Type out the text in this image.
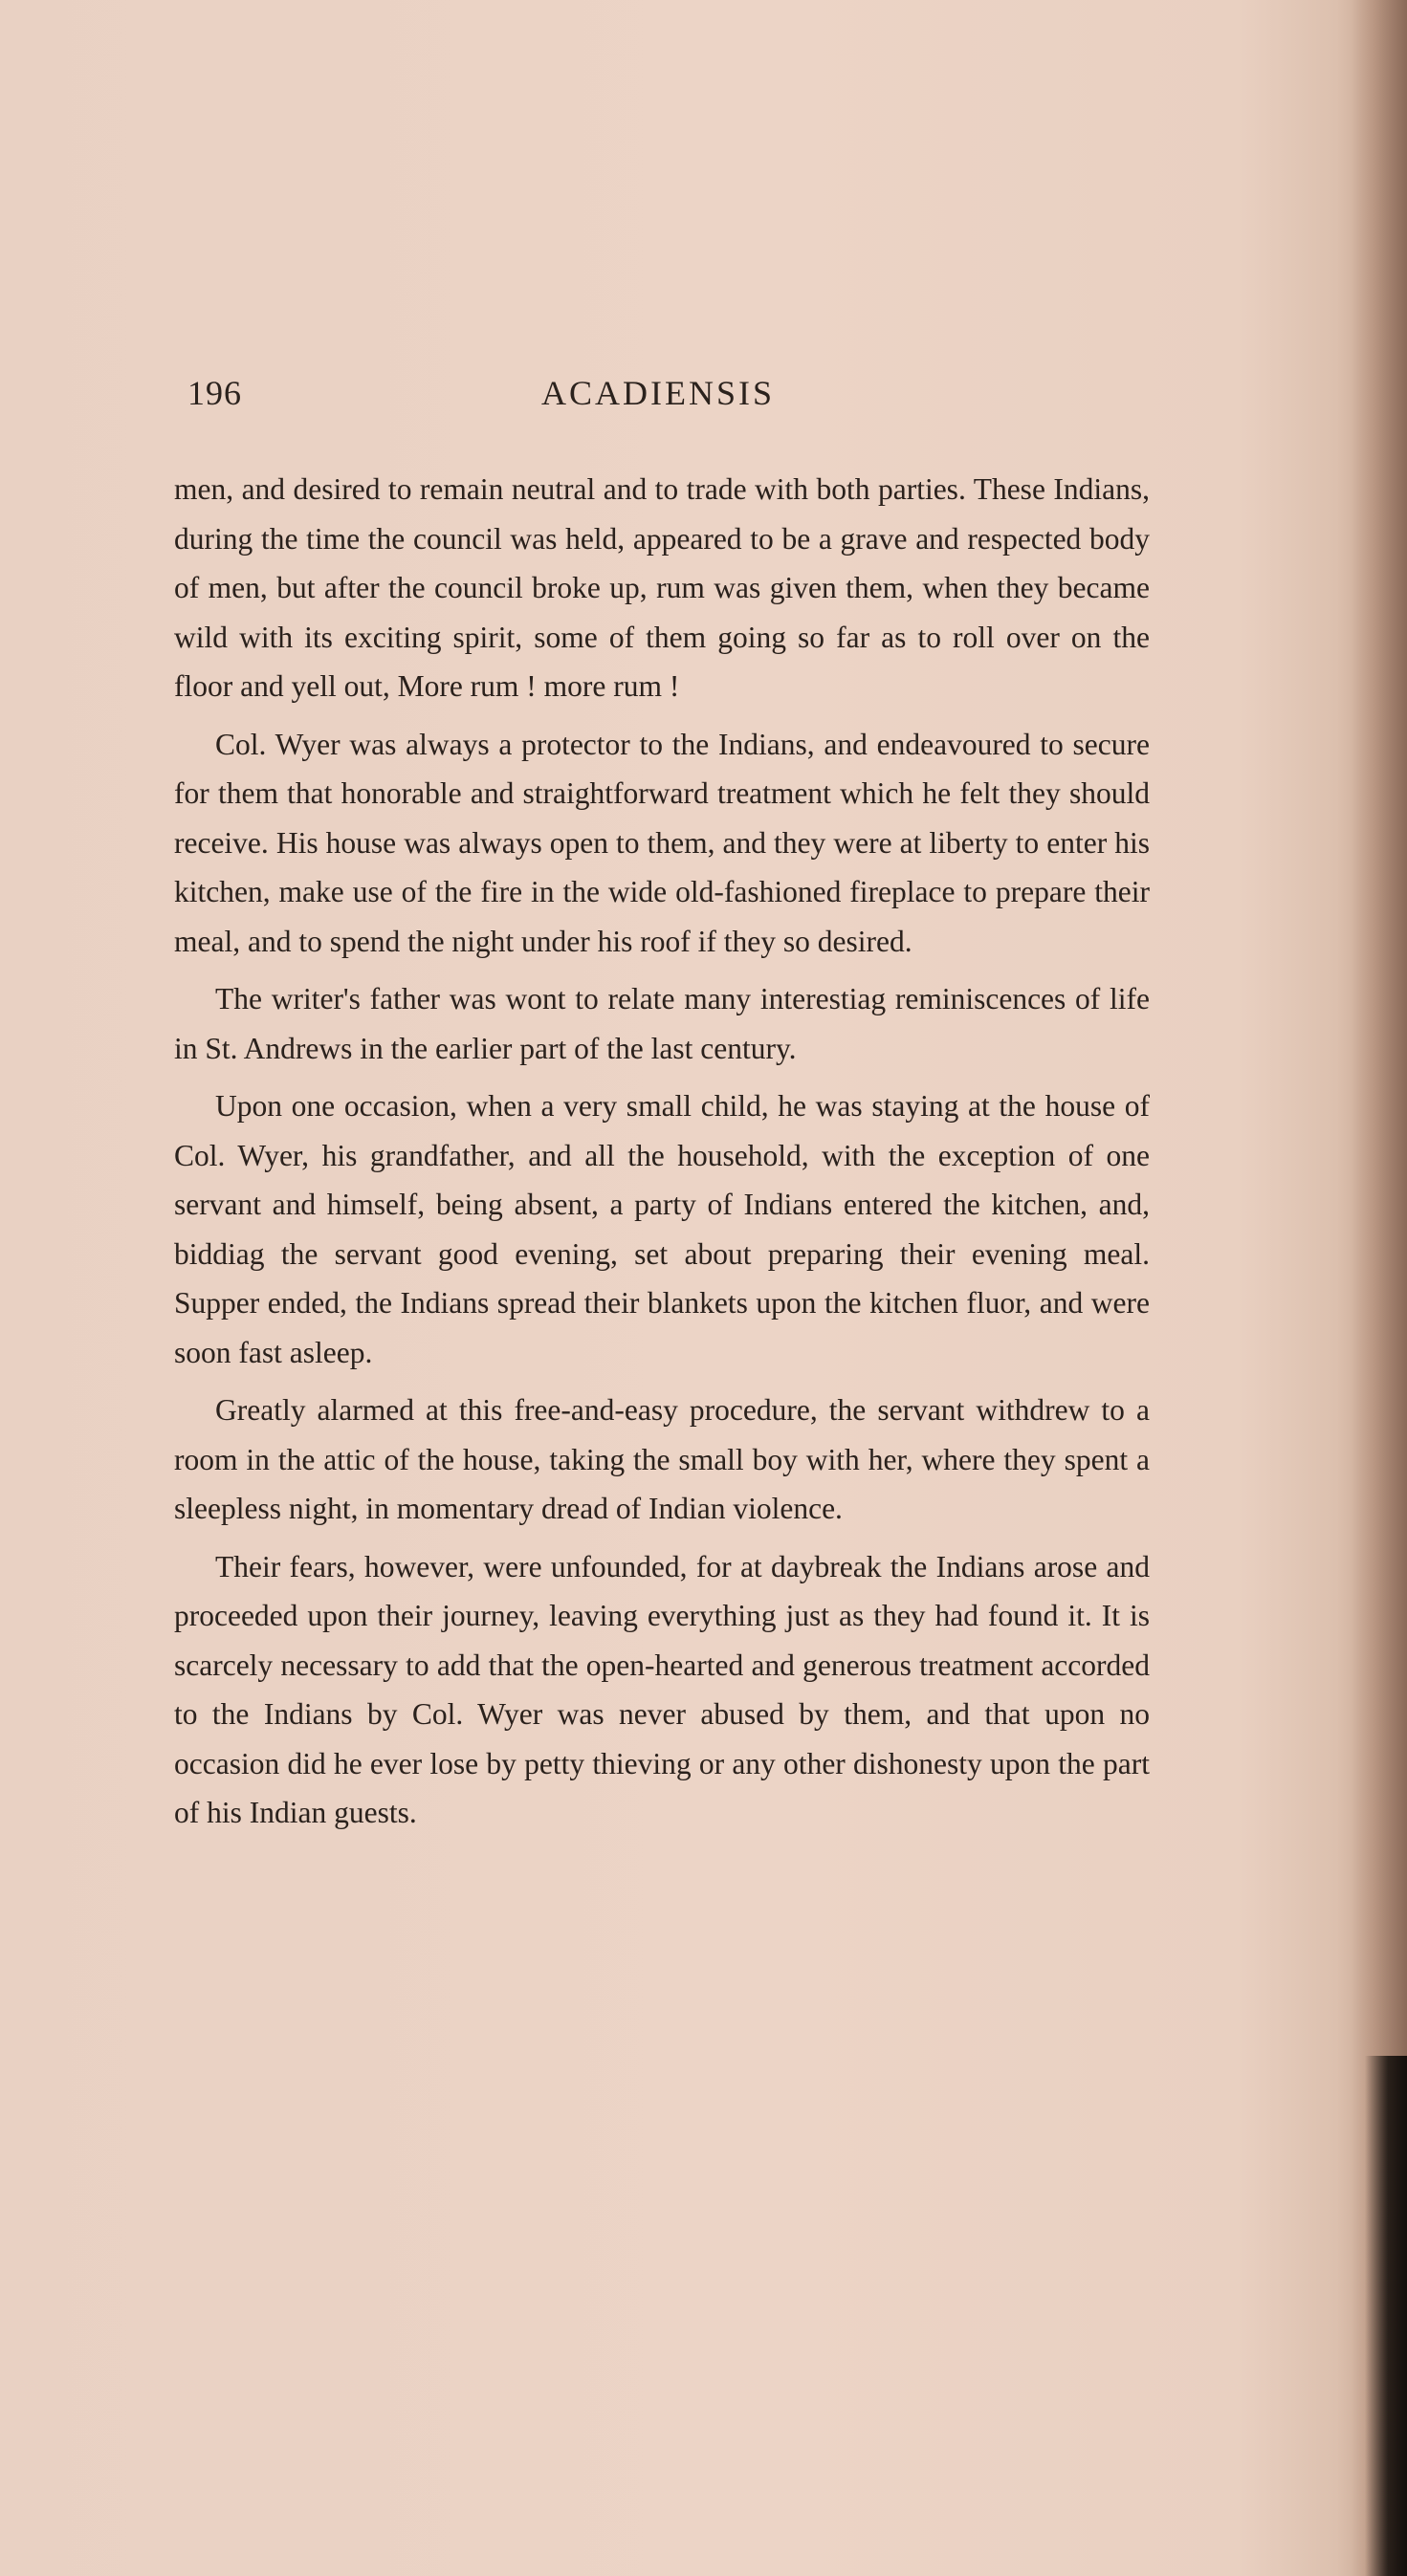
196	ACADIENSIS

men, and desired to remain neutral and to trade with both parties. These Indians, during the time the council was held, appeared to be a grave and respected body of men, but after the council broke up, rum was given them, when they became wild with its exciting spirit, some of them going so far as to roll over on the floor and yell out, More rum ! more rum !

Col. Wyer was always a protector to the Indians, and endeavoured to secure for them that honorable and straightforward treatment which he felt they should receive. His house was always open to them, and they were at liberty to enter his kitchen, make use of the fire in the wide old-fashioned fireplace to prepare their meal, and to spend the night under his roof if they so desired.

The writer's father was wont to relate many interestiag reminiscences of life in St. Andrews in the earlier part of the last century.

Upon one occasion, when a very small child, he was staying at the house of Col. Wyer, his grandfather, and all the household, with the exception of one servant and himself, being absent, a party of Indians entered the kitchen, and, biddiag the servant good evening, set about preparing their evening meal. Supper ended, the Indians spread their blankets upon the kitchen fluor, and were soon fast asleep.

Greatly alarmed at this free-and-easy procedure, the servant withdrew to a room in the attic of the house, taking the small boy with her, where they spent a sleepless night, in momentary dread of Indian violence.

Their fears, however, were unfounded, for at daybreak the Indians arose and proceeded upon their journey, leaving everything just as they had found it. It is scarcely necessary to add that the open-hearted and generous treatment accorded to the Indians by Col. Wyer was never abused by them, and that upon no occasion did he ever lose by petty thieving or any other dishonesty upon the part of his Indian guests.
